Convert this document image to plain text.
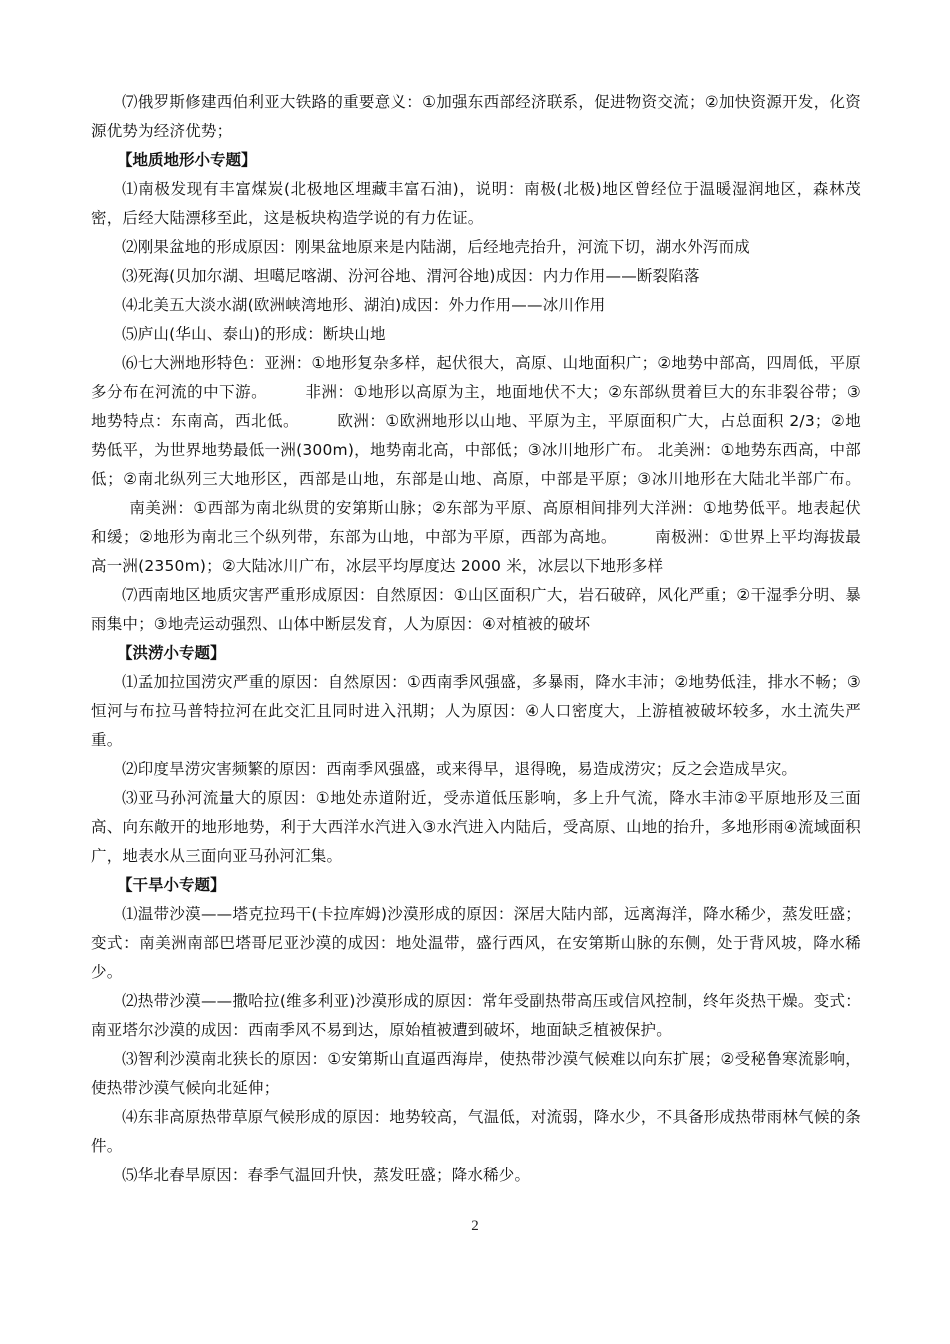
⑺俄罗斯修建西伯利亚大铁路的重要意义：①加强东西部经济联系，促进物资交流；②加快资源开发，化资源优势为经济优势；

【地质地形小专题】

⑴南极发现有丰富煤炭(北极地区埋藏丰富石油)，说明：南极(北极)地区曾经位于温暖湿润地区，森林茂密，后经大陆漂移至此，这是板块构造学说的有力佐证。

⑵刚果盆地的形成原因：刚果盆地原来是内陆湖，后经地壳抬升，河流下切，湖水外泻而成

⑶死海(贝加尔湖、坦噶尼喀湖、汾河谷地、渭河谷地)成因：内力作用——断裂陷落

⑷北美五大淡水湖(欧洲峡湾地形、湖泊)成因：外力作用——冰川作用

⑸庐山(华山、泰山)的形成：断块山地

⑹七大洲地形特色：亚洲：①地形复杂多样，起伏很大，高原、山地面积广；②地势中部高，四周低，平原多分布在河流的中下游。 非洲：①地形以高原为主，地面地伏不大；②东部纵贯着巨大的东非裂谷带；③地势特点：东南高，西北低。 欧洲：①欧洲地形以山地、平原为主，平原面积广大，占总面积 2/3；②地势低平，为世界地势最低一洲(300m)，地势南北高，中部低；③冰川地形广布。 北美洲：①地势东西高，中部低；②南北纵列三大地形区，西部是山地，东部是山地、高原，中部是平原；③冰川地形在大陆北半部广布。南美洲：①西部为南北纵贯的安第斯山脉；②东部为平原、高原相间排列大洋洲：①地势低平。地表起伏和缓；②地形为南北三个纵列带，东部为山地，中部为平原，西部为高地。 南极洲：①世界上平均海拔最高一洲(2350m)；②大陆冰川广布，冰层平均厚度达 2000 米，冰层以下地形多样

⑺西南地区地质灾害严重形成原因：自然原因：①山区面积广大，岩石破碎，风化严重；②干湿季分明、暴雨集中；③地壳运动强烈、山体中断层发育，人为原因：④对植被的破坏

【洪涝小专题】

⑴孟加拉国涝灾严重的原因：自然原因：①西南季风强盛，多暴雨，降水丰沛；②地势低洼，排水不畅；③恒河与布拉马普特拉河在此交汇且同时进入汛期；人为原因：④人口密度大，上游植被破坏较多，水土流失严重。

⑵印度旱涝灾害频繁的原因：西南季风强盛，或来得早，退得晚，易造成涝灾；反之会造成旱灾。

⑶亚马孙河流量大的原因：①地处赤道附近，受赤道低压影响，多上升气流，降水丰沛②平原地形及三面高、向东敞开的地形地势，利于大西洋水汽进入③水汽进入内陆后，受高原、山地的抬升，多地形雨④流域面积广，地表水从三面向亚马孙河汇集。

【干旱小专题】

⑴温带沙漠——塔克拉玛干(卡拉库姆)沙漠形成的原因：深居大陆内部，远离海洋，降水稀少，蒸发旺盛；变式：南美洲南部巴塔哥尼亚沙漠的成因：地处温带，盛行西风，在安第斯山脉的东侧，处于背风坡，降水稀少。

⑵热带沙漠——撒哈拉(维多利亚)沙漠形成的原因：常年受副热带高压或信风控制，终年炎热干燥。变式：南亚塔尔沙漠的成因：西南季风不易到达，原始植被遭到破坏，地面缺乏植被保护。

⑶智利沙漠南北狭长的原因：①安第斯山直逼西海岸，使热带沙漠气候难以向东扩展；②受秘鲁寒流影响，使热带沙漠气候向北延伸；

⑷东非高原热带草原气候形成的原因：地势较高，气温低，对流弱，降水少，不具备形成热带雨林气候的条件。

⑸华北春旱原因：春季气温回升快，蒸发旺盛；降水稀少。

2
